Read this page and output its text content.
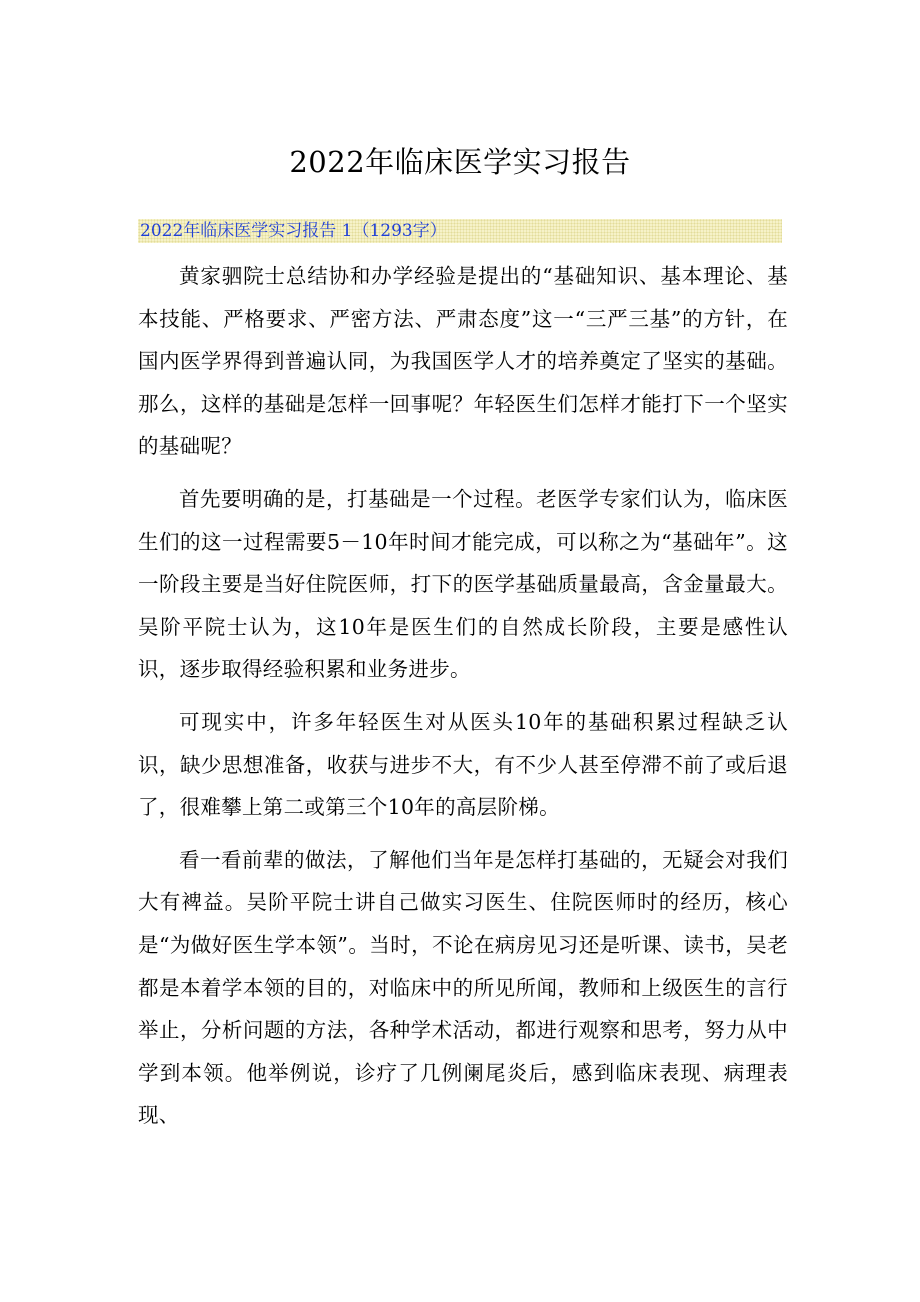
2022年临床医学实习报告
2022年临床医学实习报告 1（1293字）

黄家驷院士总结协和办学经验是提出的“基础知识、基本理论、基本技能、严格要求、严密方法、严肃态度”这一“三严三基”的方针，在国内医学界得到普遍认同，为我国医学人才的培养奠定了坚实的基础。那么，这样的基础是怎样一回事呢？年轻医生们怎样才能打下一个坚实的基础呢？

首先要明确的是，打基础是一个过程。老医学专家们认为，临床医生们的这一过程需要5－10年时间才能完成，可以称之为“基础年”。这一阶段主要是当好住院医师，打下的医学基础质量最高，含金量最大。吴阶平院士认为，这10年是医生们的自然成长阶段，主要是感性认识，逐步取得经验积累和业务进步。

可现实中，许多年轻医生对从医头10年的基础积累过程缺乏认识，缺少思想准备，收获与进步不大，有不少人甚至停滞不前了或后退了，很难攀上第二或第三个10年的高层阶梯。

看一看前辈的做法，了解他们当年是怎样打基础的，无疑会对我们大有裨益。吴阶平院士讲自己做实习医生、住院医师时的经历，核心是“为做好医生学本领”。当时，不论在病房见习还是听课、读书，吴老都是本着学本领的目的，对临床中的所见所闻，教师和上级医生的言行举止，分析问题的方法，各种学术活动，都进行观察和思考，努力从中学到本领。他举例说，诊疗了几例阑尾炎后，感到临床表现、病理表现、
